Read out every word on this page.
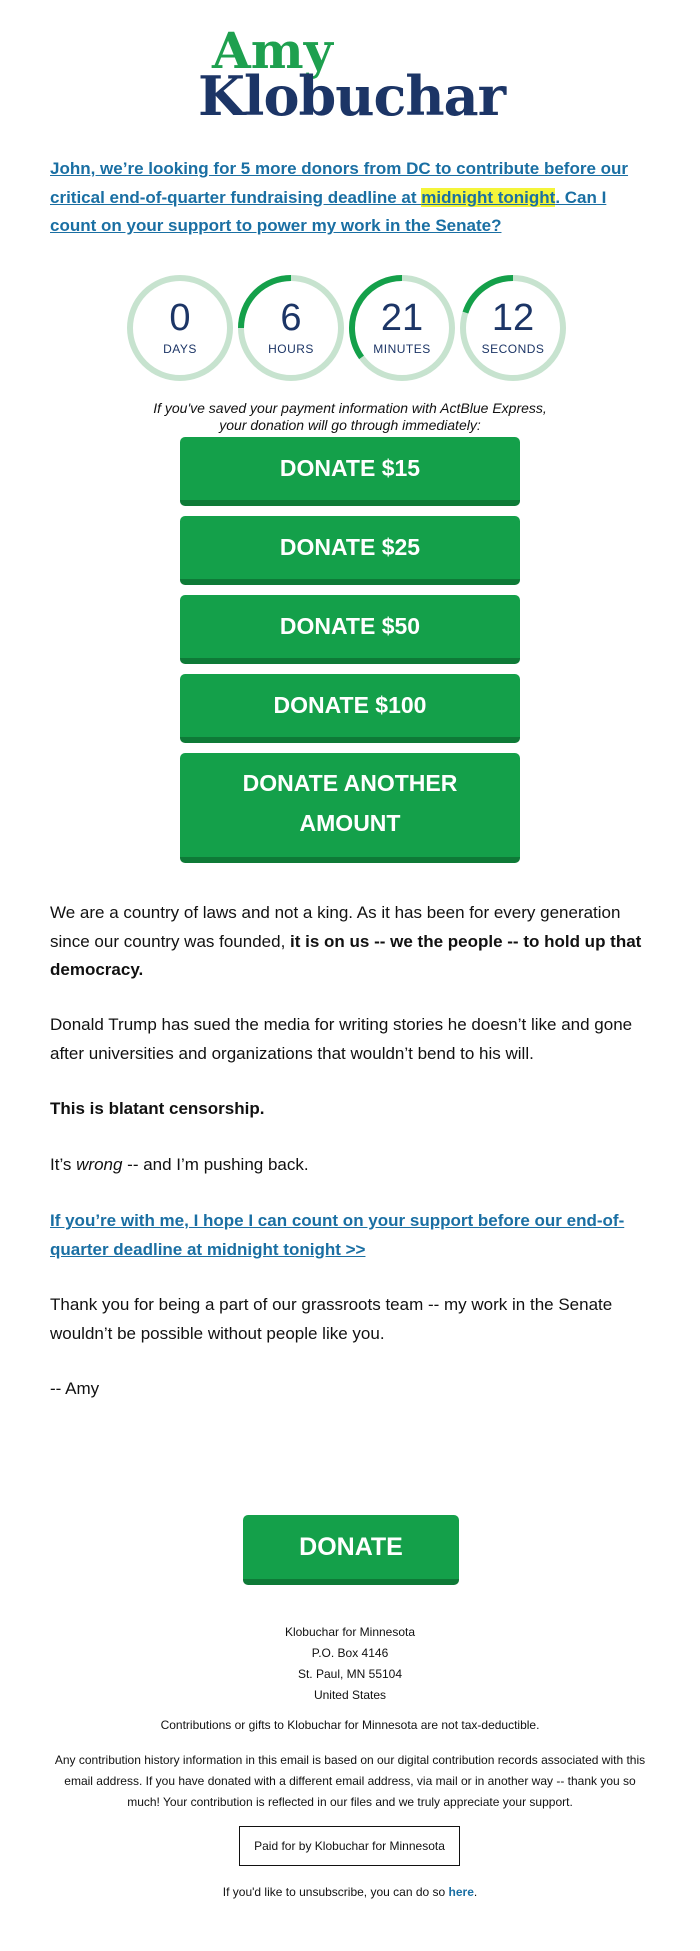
Amy
Klobuchar
John, we’re looking for 5 more donors from DC to contribute before our critical end-of-quarter fundraising deadline at midnight tonight. Can I count on your support to power my work in the Senate?
0
DAYS
6
HOURS
21
MINUTES
12
SECONDS
If you've saved your payment information with ActBlue Express,
your donation will go through immediately:
DONATE $15
DONATE $25
DONATE $50
DONATE $100
DONATE ANOTHER
AMOUNT
We are a country of laws and not a king. As it has been for every generation since our country was founded, it is on us -- we the people -- to hold up that democracy.
Donald Trump has sued the media for writing stories he doesn’t like and gone after universities and organizations that wouldn’t bend to his will.
This is blatant censorship.
It’s wrong -- and I’m pushing back.
If you’re with me, I hope I can count on your support before our end-of-quarter deadline at midnight tonight >>
Thank you for being a part of our grassroots team -- my work in the Senate wouldn’t be possible without people like you.
-- Amy
DONATE
Klobuchar for Minnesota
P.O. Box 4146
St. Paul, MN 55104
United States
Contributions or gifts to Klobuchar for Minnesota are not tax-deductible.
Any contribution history information in this email is based on our digital contribution records associated with this email address. If you have donated with a different email address, via mail or in another way -- thank you so much! Your contribution is reflected in our files and we truly appreciate your support.
Paid for by Klobuchar for Minnesota
If you'd like to unsubscribe, you can do so here.
